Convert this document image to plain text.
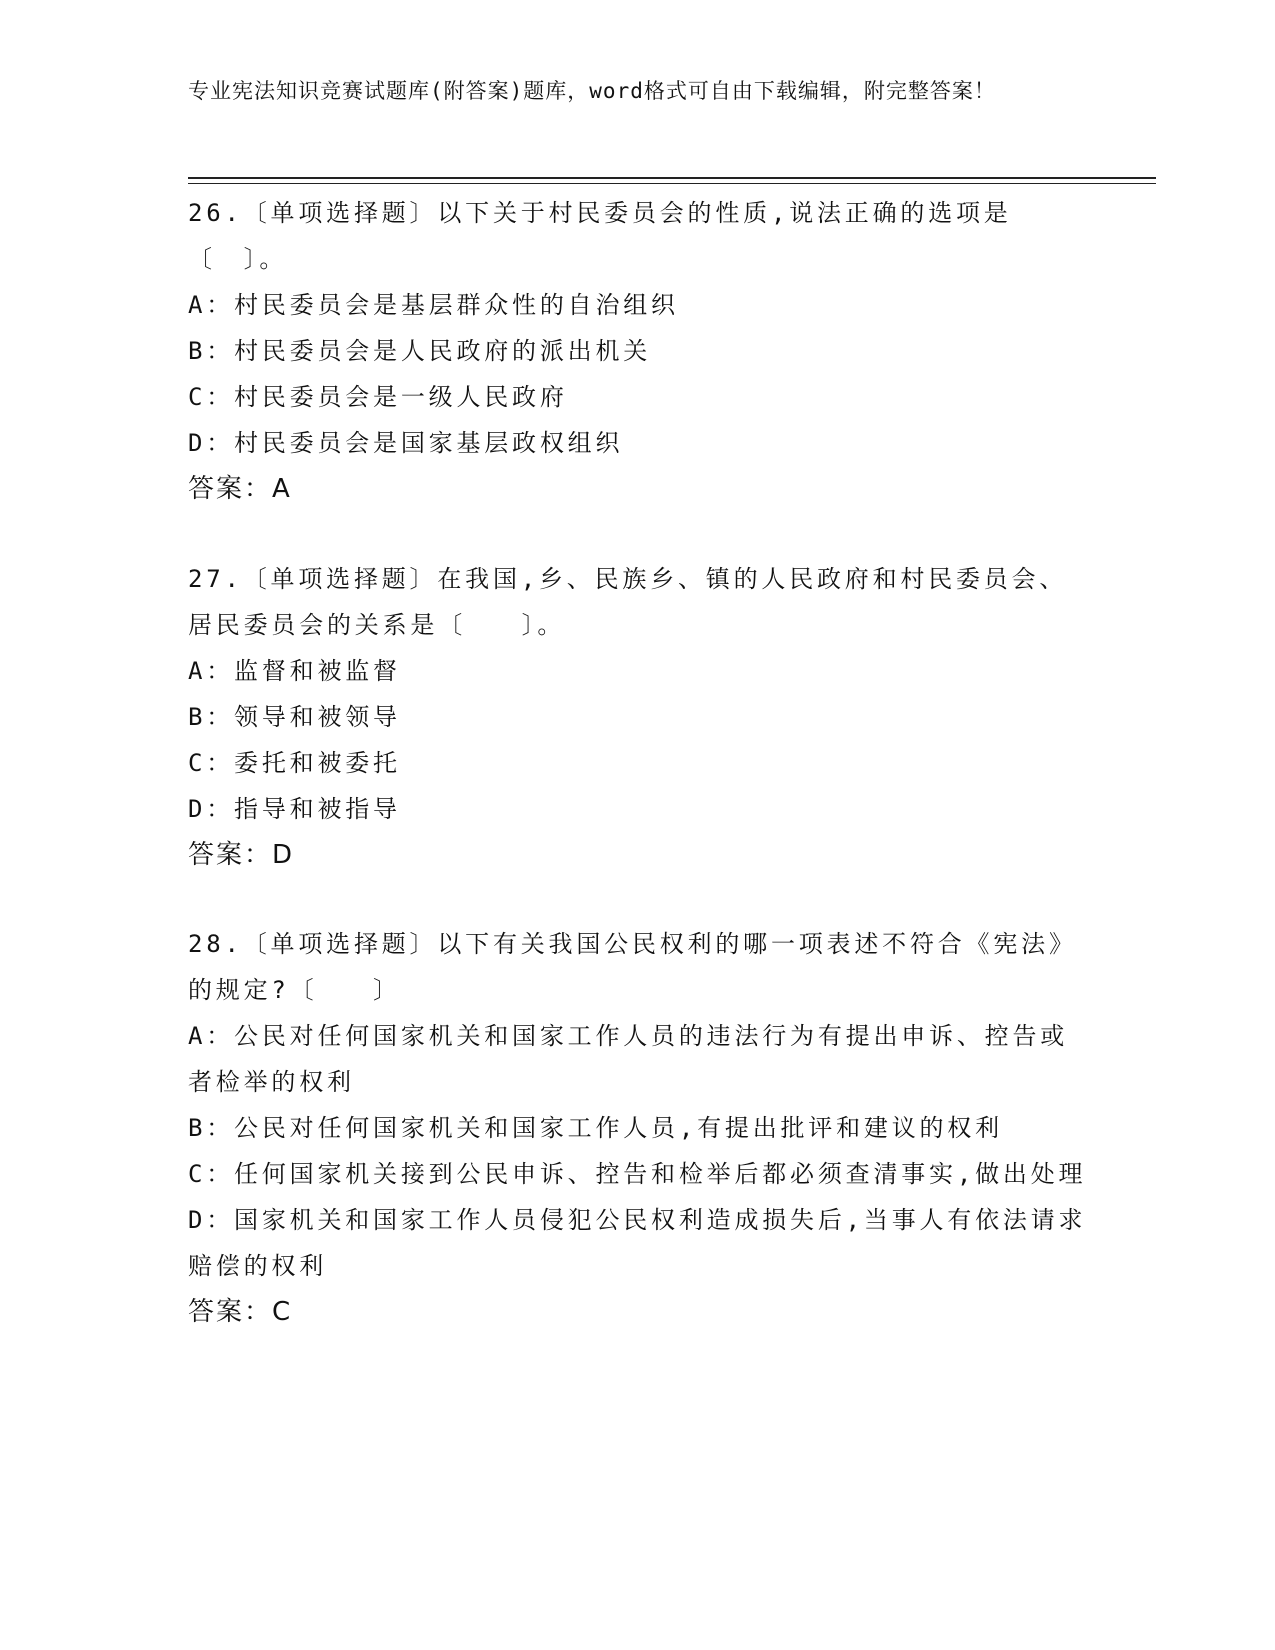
专业宪法知识竞赛试题库(附答案)题库，word格式可自由下载编辑，附完整答案！

26.〔单项选择题〕以下关于村民委员会的性质,说法正确的选项是〔　〕。

A：村民委员会是基层群众性的自治组织

B：村民委员会是人民政府的派出机关

C：村民委员会是一级人民政府

D：村民委员会是国家基层政权组织

答案：A

27.〔单项选择题〕在我国,乡、民族乡、镇的人民政府和村民委员会、居民委员会的关系是〔　　〕。

A：监督和被监督

B：领导和被领导

C：委托和被委托

D：指导和被指导

答案：D

28.〔单项选择题〕以下有关我国公民权利的哪一项表述不符合《宪法》的规定?〔　　〕

A：公民对任何国家机关和国家工作人员的违法行为有提出申诉、控告或者检举的权利

B：公民对任何国家机关和国家工作人员,有提出批评和建议的权利

C：任何国家机关接到公民申诉、控告和检举后都必须查清事实,做出处理

D：国家机关和国家工作人员侵犯公民权利造成损失后,当事人有依法请求赔偿的权利

答案：C
